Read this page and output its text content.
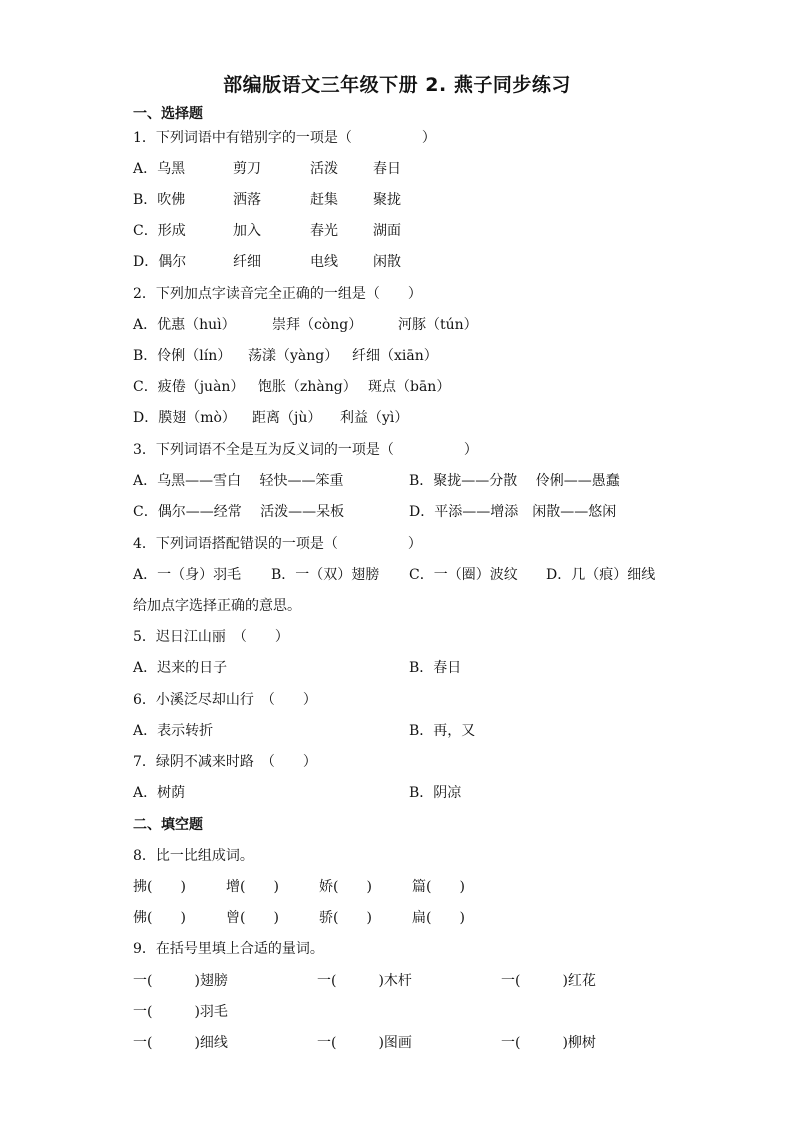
部编版语文三年级下册 2. 燕子同步练习
一、选择题
1．下列词语中有错别字的一项是（　　　　　）
A．乌黑	剪刀	活泼	春日
B．吹佛	洒落	赶集	聚拢
C．形成	加入	春光	湖面
D．偶尔	纤细	电线	闲散
2．下列加点字读音完全正确的一组是（　　）
A．优惠（huì）	崇拜（còng）	河豚（tún）
B．伶俐（lín） 荡漾（yàng） 纤细（xiān）
C．疲倦（juàn） 饱胀（zhàng） 斑点（bān）
D．膜翅（mò） 距离（jù） 利益（yì）
3．下列词语不全是互为反义词的一项是（　　　　　）
A．乌黑——雪白　 轻快——笨重	B．聚拢——分散　 伶俐——愚蠢
C．偶尔——经常　 活泼——呆板	D．平添——增添　闲散——悠闲
4．下列词语搭配错误的一项是（　　　　　）
A．一（身）羽毛 B．一（双）翅膀 C．一（圈）波纹 D．几（痕）细线
给加点字选择正确的意思。
5．迟日江山丽　（　　）
A．迟来的日子	B．春日
6．小溪泛尽却山行　（　　）
A．表示转折	B．再，又
7．绿阴不减来时路　（　　）
A．树荫	B．阴凉
二、填空题
8．比一比组成词。
拂(　　)	增(　　)	娇(　　)	篇(　　)
佛(　　)	曾(　　)	骄(　　)	扁(　　)
9．在括号里填上合适的量词。
一(　　　)翅膀	一(　　　)木杆	一(　　　)红花
一(　　　)羽毛
一(　　　)细线	一(　　　)图画	一(　　　)柳树
